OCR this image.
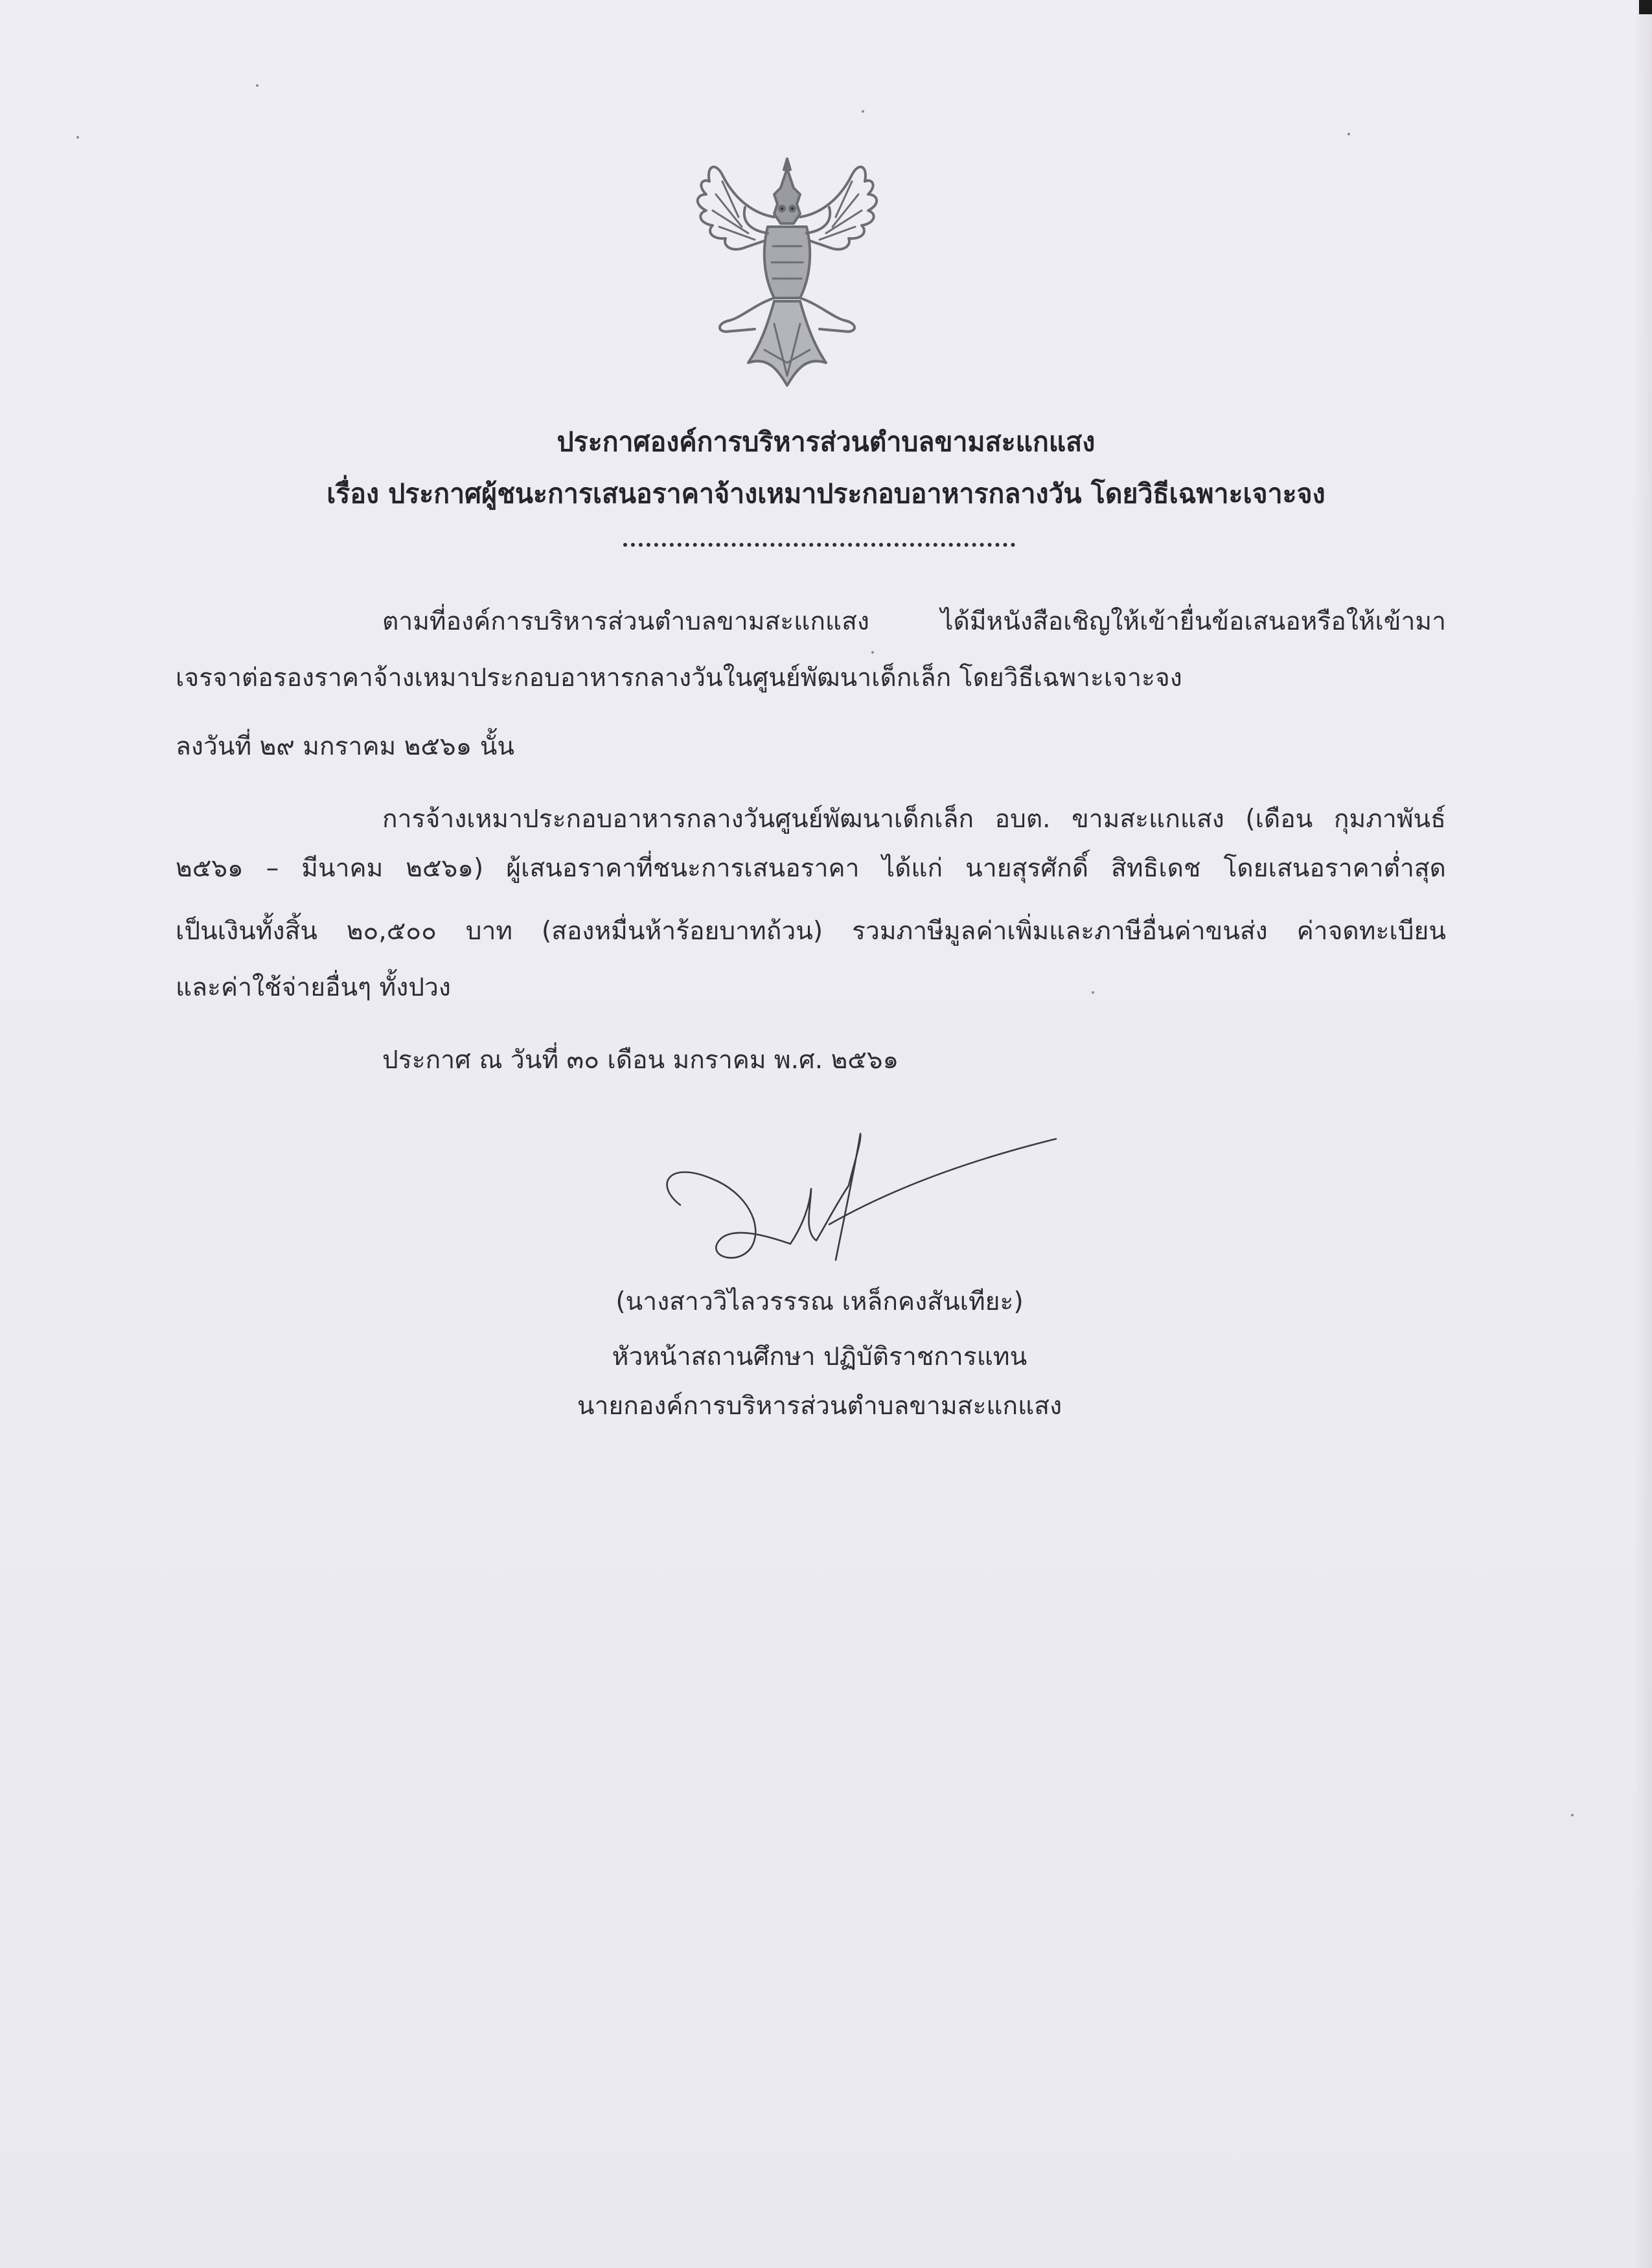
ประกาศองค์การบริหารส่วนตำบลขามสะแกแสง
เรื่อง ประกาศผู้ชนะการเสนอราคาจ้างเหมาประกอบอาหารกลางวัน โดยวิธีเฉพาะเจาะจง
ตามที่องค์การบริหารส่วนตำบลขามสะแกแสง ได้มีหนังสือเชิญให้เข้ายื่นข้อเสนอหรือให้เข้ามา
เจรจาต่อรองราคาจ้างเหมาประกอบอาหารกลางวันในศูนย์พัฒนาเด็กเล็ก โดยวิธีเฉพาะเจาะจง
ลงวันที่ ๒๙ มกราคม ๒๕๖๑ นั้น
การจ้างเหมาประกอบอาหารกลางวันศูนย์พัฒนาเด็กเล็ก อบต. ขามสะแกแสง (เดือน กุมภาพันธ์
๒๕๖๑ – มีนาคม ๒๕๖๑) ผู้เสนอราคาที่ชนะการเสนอราคา ได้แก่ นายสุรศักดิ์ สิทธิเดช โดยเสนอราคาต่ำสุด
เป็นเงินทั้งสิ้น ๒๐,๕๐๐ บาท (สองหมื่นห้าร้อยบาทถ้วน) รวมภาษีมูลค่าเพิ่มและภาษีอื่นค่าขนส่ง ค่าจดทะเบียน
และค่าใช้จ่ายอื่นๆ ทั้งปวง
ประกาศ ณ วันที่ ๓๐ เดือน มกราคม พ.ศ. ๒๕๖๑
(นางสาววิไลวรรรณ เหล็กคงสันเทียะ)
หัวหน้าสถานศึกษา ปฏิบัติราชการแทน
นายกองค์การบริหารส่วนตำบลขามสะแกแสง
